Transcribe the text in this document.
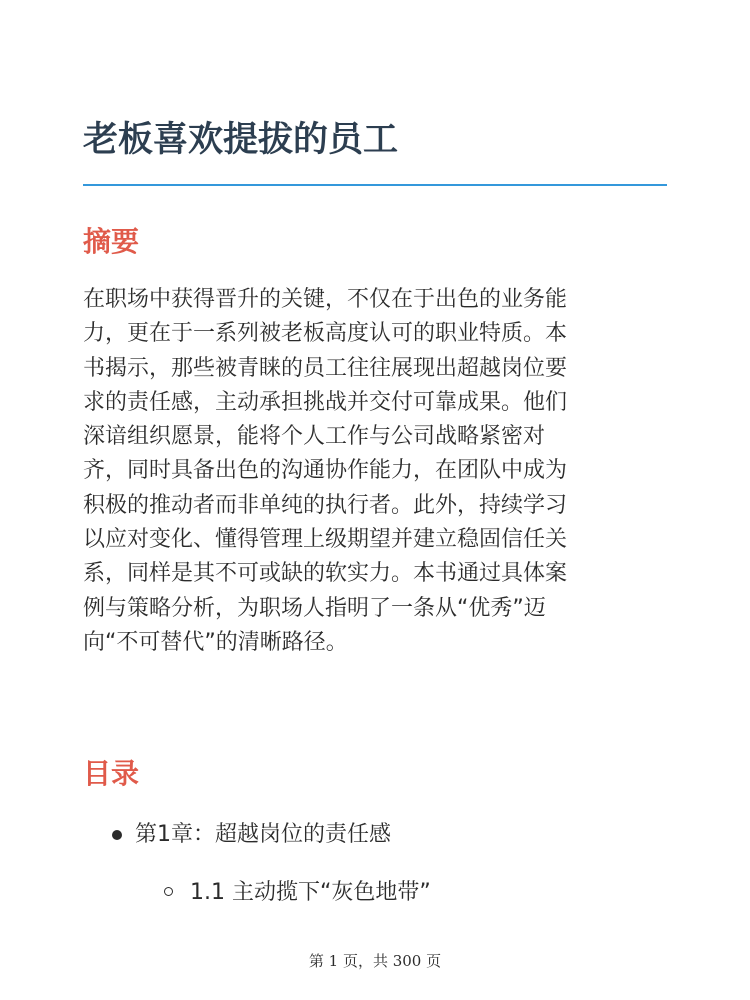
老板喜欢提拔的员工
摘要
在职场中获得晋升的关键，不仅在于出色的业务能
力，更在于一系列被老板高度认可的职业特质。本
书揭示，那些被青睐的员工往往展现出超越岗位要
求的责任感，主动承担挑战并交付可靠成果。他们
深谙组织愿景，能将个人工作与公司战略紧密对
齐，同时具备出色的沟通协作能力，在团队中成为
积极的推动者而非单纯的执行者。此外，持续学习
以应对变化、懂得管理上级期望并建立稳固信任关
系，同样是其不可或缺的软实力。本书通过具体案
例与策略分析，为职场人指明了一条从“优秀”迈
向“不可替代”的清晰路径。
目录
第1章：超越岗位的责任感
1.1 主动揽下“灰色地带”
第 1 页，共 300 页
